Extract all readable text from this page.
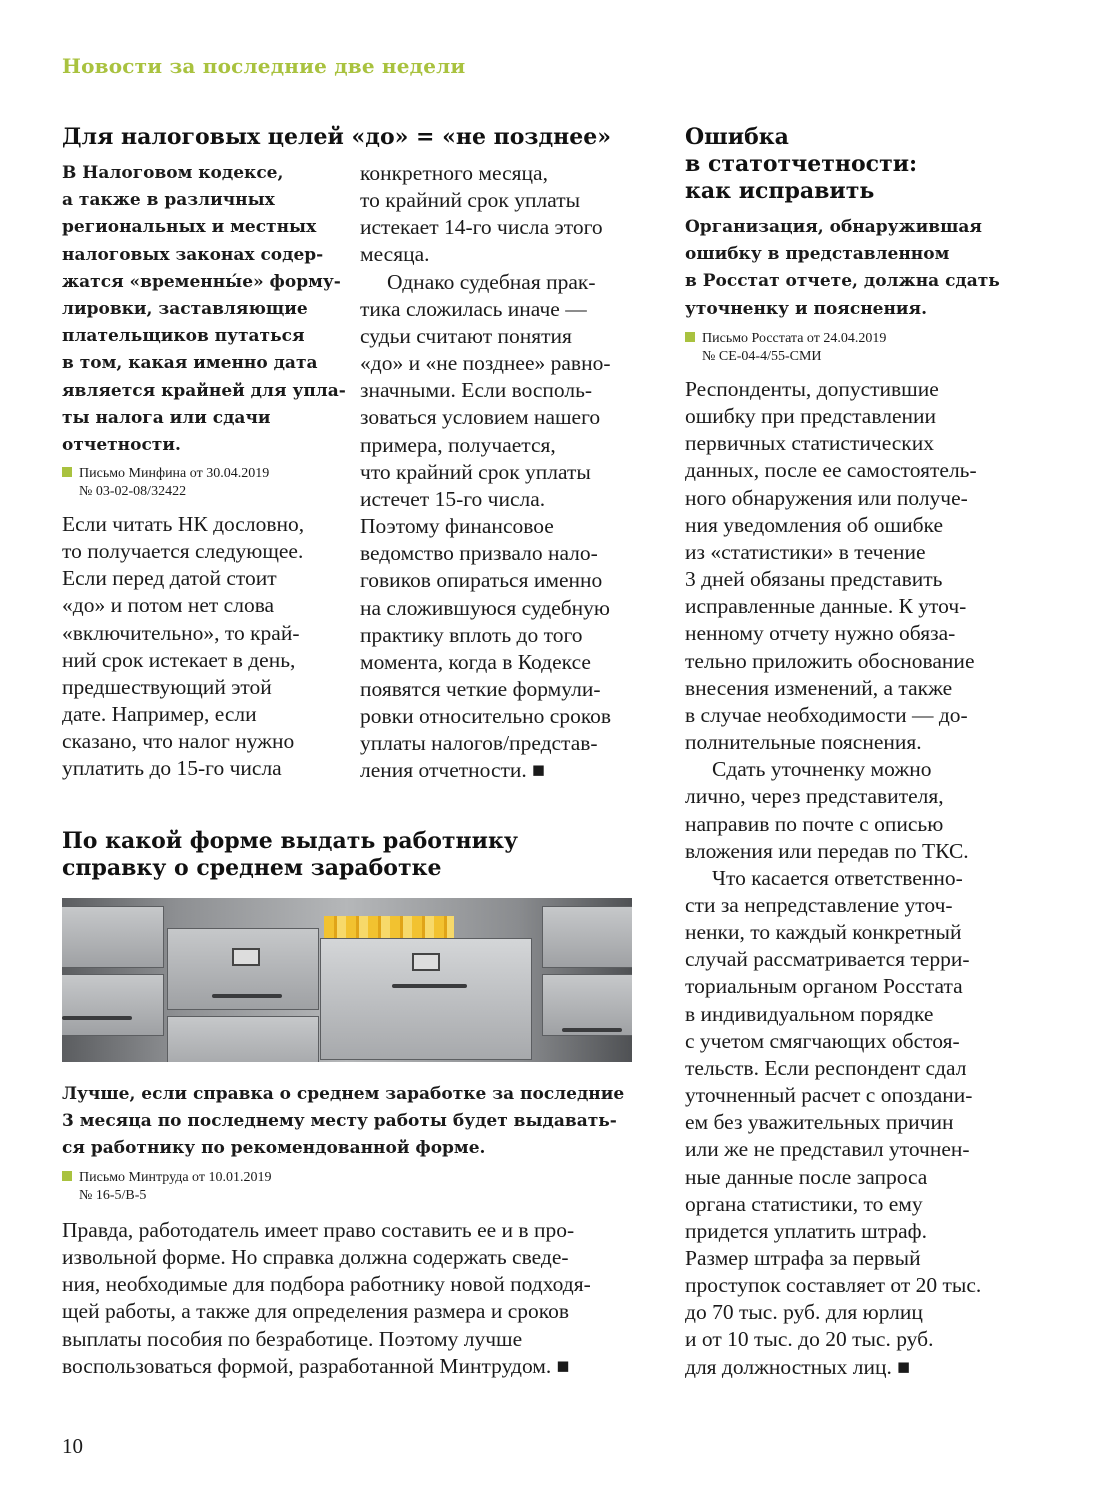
Новости за последние две недели
Для налоговых целей «до» = «не позднее»
В Налоговом кодексе,
а также в различных
региональных и местных
налоговых законах содер-
жатся «временны́е» форму-
лировки, заставляющие
плательщиков путаться
в том, какая именно дата
является крайней для упла-
ты налога или сдачи
отчетности.
Письмо Минфина от 30.04.2019
№ 03-02-08/32422
Если читать НК дословно,
то получается следующее.
Если перед датой стоит
«до» и потом нет слова
«включительно», то край-
ний срок истекает в день,
предшествующий этой
дате. Например, если
сказано, что налог нужно
уплатить до 15-го числа
конкретного месяца,
то крайний срок уплаты
истекает 14-го числа этого
месяца.
Однако судебная прак-
тика сложилась иначе —
судьи считают понятия
«до» и «не позднее» равно-
значными. Если восполь-
зоваться условием нашего
примера, получается,
что крайний срок уплаты
истечет 15-го числа.
Поэтому финансовое
ведомство призвало нало-
говиков опираться именно
на сложившуюся судебную
практику вплоть до того
момента, когда в Кодексе
появятся четкие формули-
ровки относительно сроков
уплаты налогов/представ-
ления отчетности. ■
По какой форме выдать работнику
справку о среднем заработке
Лучше, если справка о среднем заработке за последние
3 месяца по последнему месту работы будет выдавать-
ся работнику по рекомендованной форме.
Письмо Минтруда от 10.01.2019
№ 16-5/В-5
Правда, работодатель имеет право составить ее и в про-
извольной форме. Но справка должна содержать сведе-
ния, необходимые для подбора работнику новой подходя-
щей работы, а также для определения размера и сроков
выплаты пособия по безработице. Поэтому лучше
воспользоваться формой, разработанной Минтрудом. ■
Ошибка
в статотчетности:
как исправить
Организация, обнаружившая
ошибку в представленном
в Росстат отчете, должна сдать
уточненку и пояснения.
Письмо Росстата от 24.04.2019
№ СЕ-04-4/55-СМИ
Респонденты, допустившие
ошибку при представлении
первичных статистических
данных, после ее самостоятель-
ного обнаружения или получе-
ния уведомления об ошибке
из «статистики» в течение
3 дней обязаны представить
исправленные данные. К уточ-
ненному отчету нужно обяза-
тельно приложить обоснование
внесения изменений, а также
в случае необходимости — до-
полнительные пояснения.
Сдать уточненку можно
лично, через представителя,
направив по почте с описью
вложения или передав по ТКС.
Что касается ответственно-
сти за непредставление уточ-
ненки, то каждый конкретный
случай рассматривается терри-
ториальным органом Росстата
в индивидуальном порядке
с учетом смягчающих обстоя-
тельств. Если респондент сдал
уточненный расчет с опоздани-
ем без уважительных причин
или же не представил уточнен-
ные данные после запроса
органа статистики, то ему
придется уплатить штраф.
Размер штрафа за первый
проступок составляет от 20 тыс.
до 70 тыс. руб. для юрлиц
и от 10 тыс. до 20 тыс. руб.
для должностных лиц. ■
10
